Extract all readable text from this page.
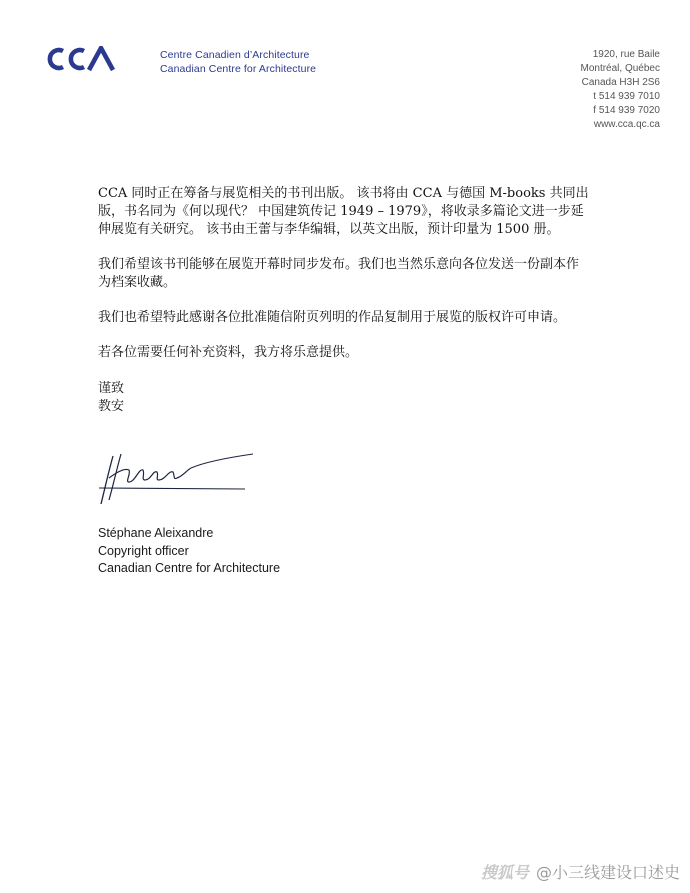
Centre Canadien d’Architecture
Canadian Centre for Architecture
1920, rue Baile
Montréal, Québec
Canada H3H 2S6
t 514 939 7010
f 514 939 7020
www.cca.qc.ca

CCA 同时正在筹备与展览相关的书刊出版。 该书将由 CCA 与德国 M-books 共同出版，书名同为《何以现代？ 中国建筑传记 1949 – 1979》，将收录多篇论文进一步延伸展览有关研究。 该书由王蕾与李华编辑，以英文出版，预计印量为 1500 册。

我们希望该书刊能够在展览开幕时同步发布。我们也当然乐意向各位发送一份副本作为档案收藏。

我们也希望特此感谢各位批准随信附页列明的作品复制用于展览的版权许可申请。

若各位需要任何补充资料，我方将乐意提供。

谨致
教安
Stéphane Aleixandre
Copyright officer
Canadian Centre for Architecture
搜狐号 @小三线建设口述史
